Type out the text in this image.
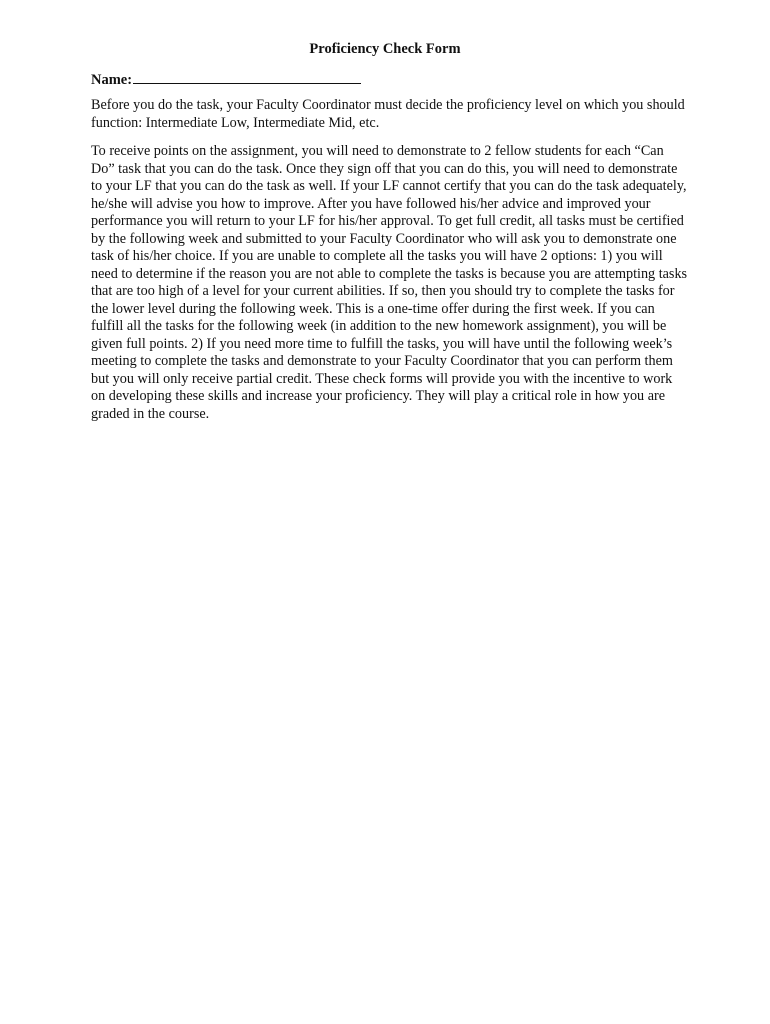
Proficiency Check Form
Name:

Before you do the task, your Faculty Coordinator must decide the proficiency level on which you should function: Intermediate Low, Intermediate Mid, etc.

To receive points on the assignment, you will need to demonstrate to 2 fellow students for each “Can Do” task that you can do the task. Once they sign off that you can do this, you will need to demonstrate to your LF that you can do the task as well. If your LF cannot certify that you can do the task adequately, he/she will advise you how to improve. After you have followed his/her advice and improved your performance you will return to your LF for his/her approval. To get full credit, all tasks must be certified by the following week and submitted to your Faculty Coordinator who will ask you to demonstrate one task of his/her choice. If you are unable to complete all the tasks you will have 2 options: 1) you will need to determine if the reason you are not able to complete the tasks is because you are attempting tasks that are too high of a level for your current abilities. If so, then you should try to complete the tasks for the lower level during the following week. This is a one-time offer during the first week. If you can fulfill all the tasks for the following week (in addition to the new homework assignment), you will be given full points. 2) If you need more time to fulfill the tasks, you will have until the following week’s meeting to complete the tasks and demonstrate to your Faculty Coordinator that you can perform them but you will only receive partial credit. These check forms will provide you with the incentive to work on developing these skills and increase your proficiency. They will play a critical role in how you are graded in the course.
